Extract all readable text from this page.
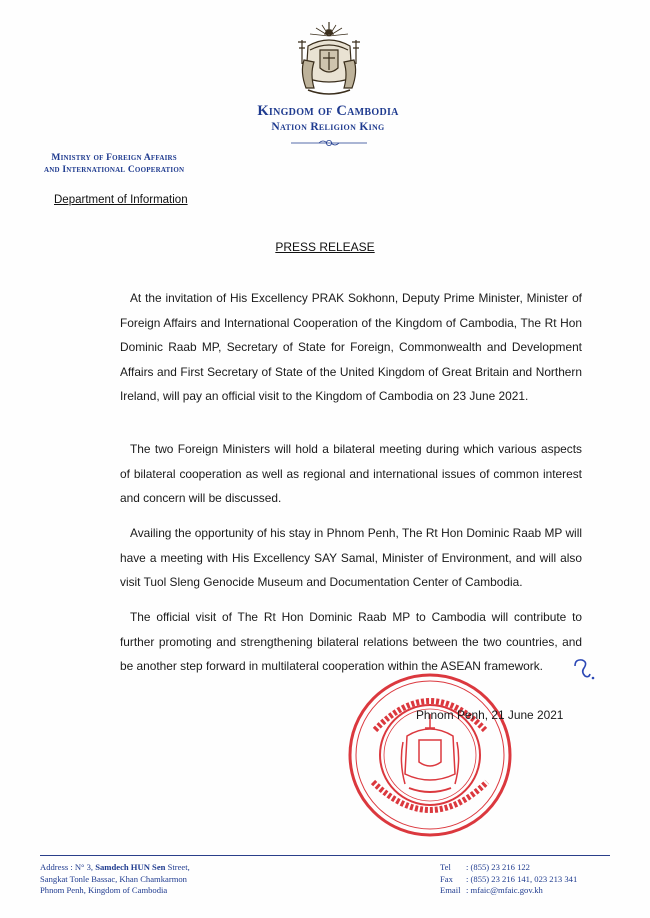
Kingdom of Cambodia
Nation Religion King
Ministry of Foreign Affairs
and International Cooperation
Department of Information
PRESS RELEASE

At the invitation of His Excellency PRAK Sokhonn, Deputy Prime Minister, Minister of Foreign Affairs and International Cooperation of the Kingdom of Cambodia, The Rt Hon Dominic Raab MP, Secretary of State for Foreign, Commonwealth and Development Affairs and First Secretary of State of the United Kingdom of Great Britain and Northern Ireland, will pay an official visit to the Kingdom of Cambodia on 23 June 2021.

The two Foreign Ministers will hold a bilateral meeting during which various aspects of bilateral cooperation as well as regional and international issues of common interest and concern will be discussed.

Availing the opportunity of his stay in Phnom Penh, The Rt Hon Dominic Raab MP will have a meeting with His Excellency SAY Samal, Minister of Environment, and will also visit Tuol Sleng Genocide Museum and Documentation Center of Cambodia.

The official visit of The Rt Hon Dominic Raab MP to Cambodia will contribute to further promoting and strengthening bilateral relations between the two countries, and be another step forward in multilateral cooperation within the ASEAN framework.

Phnom Penh, 21 June 2021
Address : N° 3, Samdech HUN Sen Street,
Sangkat Tonle Bassac, Khan Chamkarmon
Phnom Penh, Kingdom of Cambodia
Tel : (855) 23 216 122
Fax : (855) 23 216 141, 023 213 341
Email : mfaic@mfaic.gov.kh
